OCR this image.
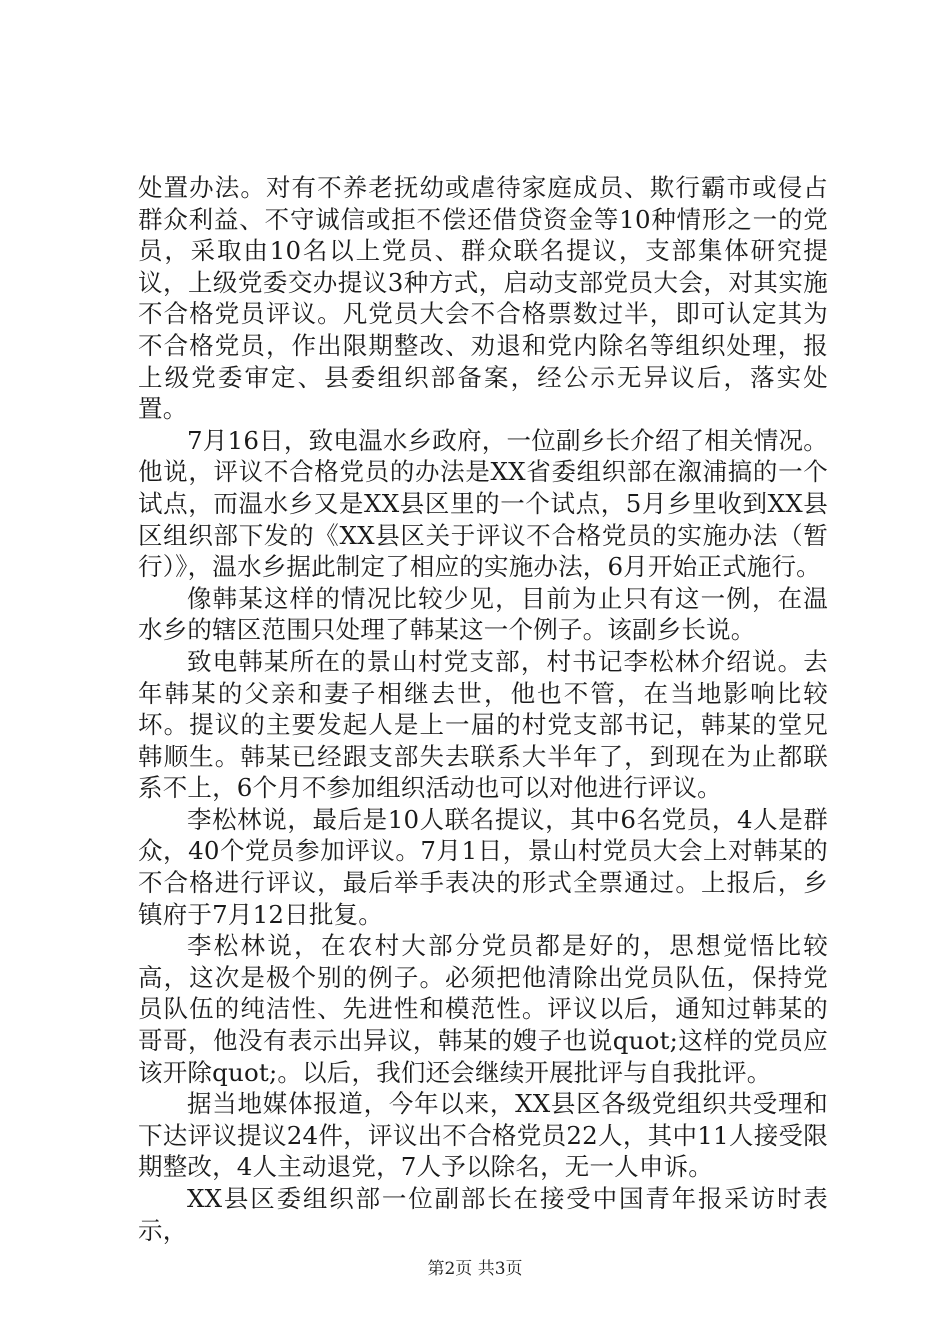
处置办法。对有不养老抚幼或虐待家庭成员、欺行霸市或侵占群众利益、不守诚信或拒不偿还借贷资金等10种情形之一的党员，采取由10名以上党员、群众联名提议，支部集体研究提议，上级党委交办提议3种方式，启动支部党员大会，对其实施不合格党员评议。凡党员大会不合格票数过半，即可认定其为不合格党员，作出限期整改、劝退和党内除名等组织处理，报上级党委审定、县委组织部备案，经公示无异议后，落实处置。

7月16日，致电温水乡政府，一位副乡长介绍了相关情况。他说，评议不合格党员的办法是XX省委组织部在溆浦搞的一个试点，而温水乡又是XX县区里的一个试点，5月乡里收到XX县区组织部下发的《XX县区关于评议不合格党员的实施办法（暂行）》，温水乡据此制定了相应的实施办法，6月开始正式施行。

像韩某这样的情况比较少见，目前为止只有这一例，在温水乡的辖区范围只处理了韩某这一个例子。该副乡长说。

致电韩某所在的景山村党支部，村书记李松林介绍说。去年韩某的父亲和妻子相继去世，他也不管，在当地影响比较坏。提议的主要发起人是上一届的村党支部书记，韩某的堂兄韩顺生。韩某已经跟支部失去联系大半年了，到现在为止都联系不上，6个月不参加组织活动也可以对他进行评议。

李松林说，最后是10人联名提议，其中6名党员，4人是群众，40个党员参加评议。7月1日，景山村党员大会上对韩某的不合格进行评议，最后举手表决的形式全票通过。上报后，乡镇府于7月12日批复。

李松林说，在农村大部分党员都是好的，思想觉悟比较高，这次是极个别的例子。必须把他清除出党员队伍，保持党员队伍的纯洁性、先进性和模范性。评议以后，通知过韩某的哥哥，他没有表示出异议，韩某的嫂子也说quot;这样的党员应该开除quot;。以后，我们还会继续开展批评与自我批评。

据当地媒体报道，今年以来，XX县区各级党组织共受理和下达评议提议24件，评议出不合格党员22人，其中11人接受限期整改，4人主动退党，7人予以除名，无一人申诉。

XX县区委组织部一位副部长在接受中国青年报采访时表示，

第2页 共3页
